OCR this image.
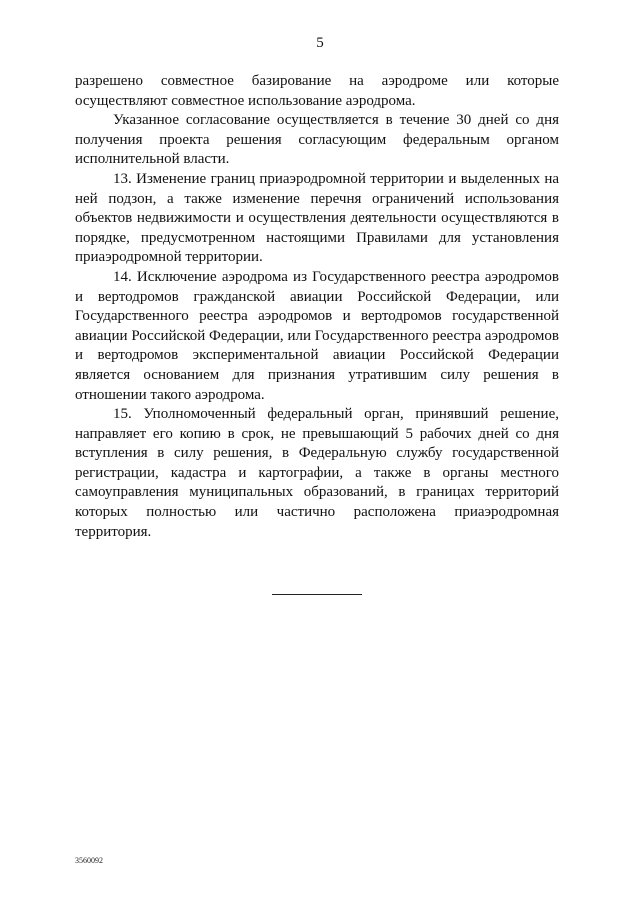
5

разрешено совместное базирование на аэродроме или которые осуществляют совместное использование аэродрома.

Указанное согласование осуществляется в течение 30 дней со дня получения проекта решения согласующим федеральным органом исполнительной власти.

13. Изменение границ приаэродромной территории и выделенных на ней подзон, а также изменение перечня ограничений использования объектов недвижимости и осуществления деятельности осуществляются в порядке, предусмотренном настоящими Правилами для установления приаэродромной территории.

14. Исключение аэродрома из Государственного реестра аэродромов и вертодромов гражданской авиации Российской Федерации, или Государственного реестра аэродромов и вертодромов государственной авиации Российской Федерации, или Государственного реестра аэродромов и вертодромов экспериментальной авиации Российской Федерации является основанием для признания утратившим силу решения в отношении такого аэродрома.

15. Уполномоченный федеральный орган, принявший решение, направляет его копию в срок, не превышающий 5 рабочих дней со дня вступления в силу решения, в Федеральную службу государственной регистрации, кадастра и картографии, а также в органы местного самоуправления муниципальных образований, в границах территорий которых полностью или частично расположена приаэродромная территория.

3560092
